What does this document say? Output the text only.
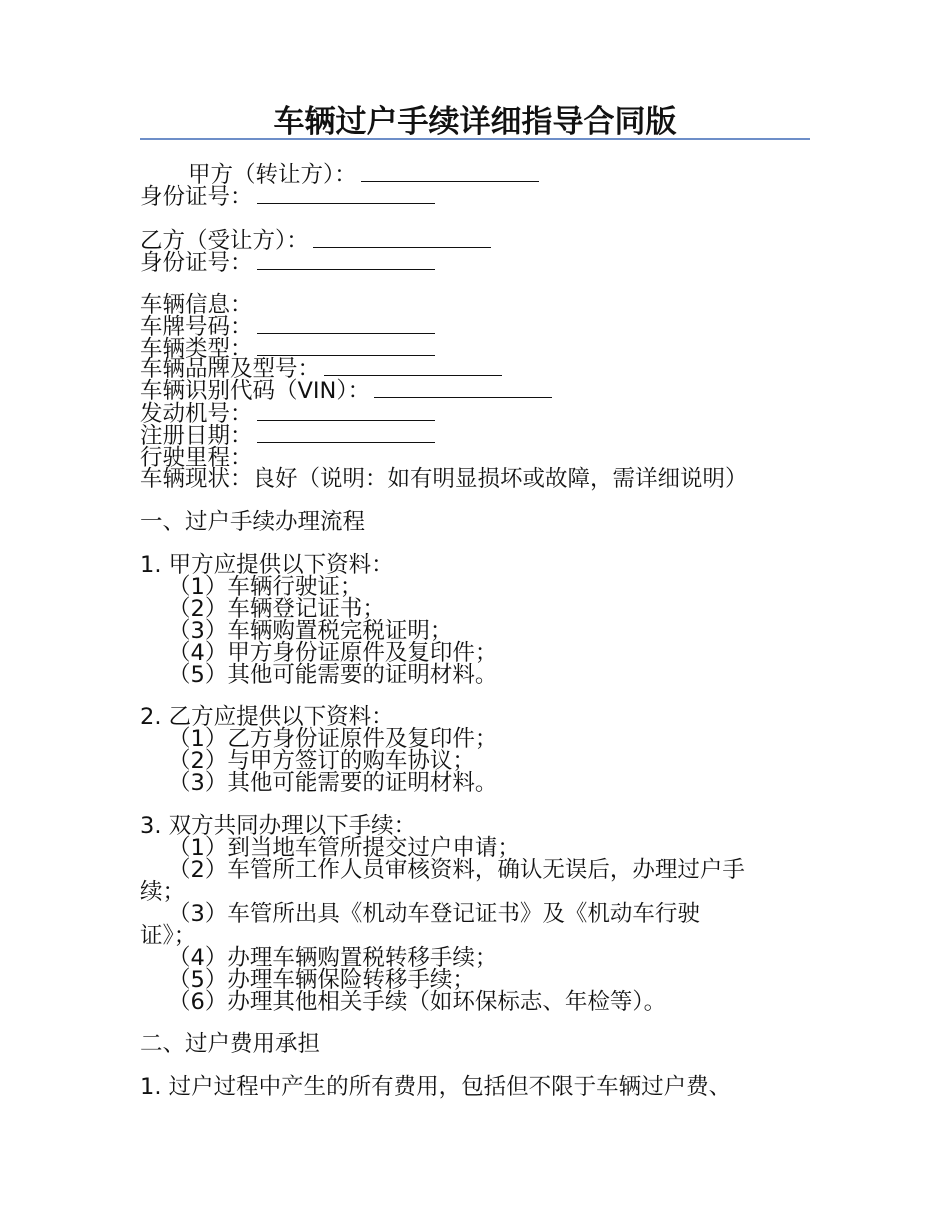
车辆过户手续详细指导合同版
甲方（转让方）：
身份证号：
乙方（受让方）：
身份证号：
车辆信息：
车牌号码：
车辆类型：
车辆品牌及型号：
车辆识别代码（VIN）：
发动机号：
注册日期：
行驶里程：
车辆现状：良好（说明：如有明显损坏或故障，需详细说明）
一、过户手续办理流程
1. 甲方应提供以下资料：
（1）车辆行驶证；
（2）车辆登记证书；
（3）车辆购置税完税证明；
（4）甲方身份证原件及复印件；
（5）其他可能需要的证明材料。
2. 乙方应提供以下资料：
（1）乙方身份证原件及复印件；
（2）与甲方签订的购车协议；
（3）其他可能需要的证明材料。
3. 双方共同办理以下手续：
（1）到当地车管所提交过户申请；
（2）车管所工作人员审核资料，确认无误后，办理过户手
续；
（3）车管所出具《机动车登记证书》及《机动车行驶
证》；
（4）办理车辆购置税转移手续；
（5）办理车辆保险转移手续；
（6）办理其他相关手续（如环保标志、年检等）。
二、过户费用承担
1. 过户过程中产生的所有费用，包括但不限于车辆过户费、
